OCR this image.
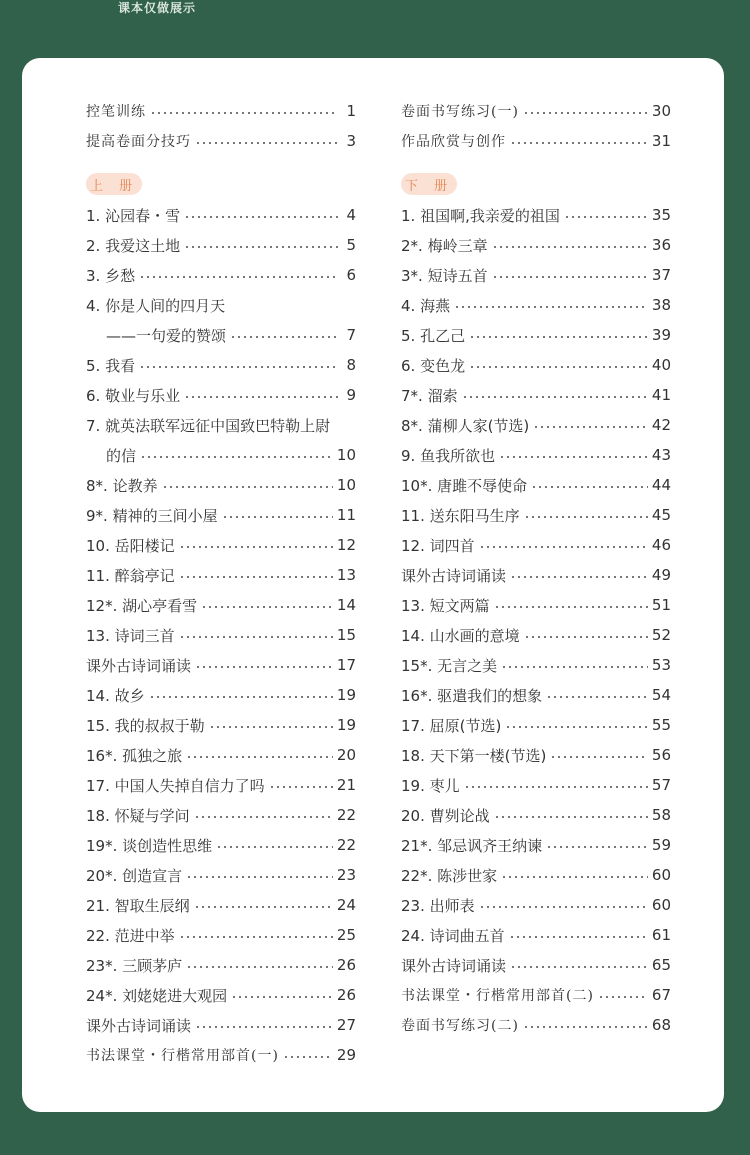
课本仅做展示
控笔训练	1
提高卷面分技巧	3
上 册
1. 沁园春・雪	4
2. 我爱这土地	5
3. 乡愁	6
4. 你是人间的四月天
——一句爱的赞颂	7
5. 我看	8
6. 敬业与乐业	9
7. 就英法联军远征中国致巴特勒上尉
的信	10
8*. 论教养	10
9*. 精神的三间小屋	11
10. 岳阳楼记	12
11. 醉翁亭记	13
12*. 湖心亭看雪	14
13. 诗词三首	15
课外古诗词诵读	17
14. 故乡	19
15. 我的叔叔于勒	19
16*. 孤独之旅	20
17. 中国人失掉自信力了吗	21
18. 怀疑与学问	22
19*. 谈创造性思维	22
20*. 创造宣言	23
21. 智取生辰纲	24
22. 范进中举	25
23*. 三顾茅庐	26
24*. 刘姥姥进大观园	26
课外古诗词诵读	27
书法课堂・行楷常用部首(一)	29
卷面书写练习(一)	30
作品欣赏与创作	31
下 册
1. 祖国啊,我亲爱的祖国	35
2*. 梅岭三章	36
3*. 短诗五首	37
4. 海燕	38
5. 孔乙己	39
6. 变色龙	40
7*. 溜索	41
8*. 蒲柳人家(节选)	42
9. 鱼我所欲也	43
10*. 唐雎不辱使命	44
11. 送东阳马生序	45
12. 词四首	46
课外古诗词诵读	49
13. 短文两篇	51
14. 山水画的意境	52
15*. 无言之美	53
16*. 驱遣我们的想象	54
17. 屈原(节选)	55
18. 天下第一楼(节选)	56
19. 枣儿	57
20. 曹刿论战	58
21*. 邹忌讽齐王纳谏	59
22*. 陈涉世家	60
23. 出师表	60
24. 诗词曲五首	61
课外古诗词诵读	65
书法课堂・行楷常用部首(二)	67
卷面书写练习(二)	68
